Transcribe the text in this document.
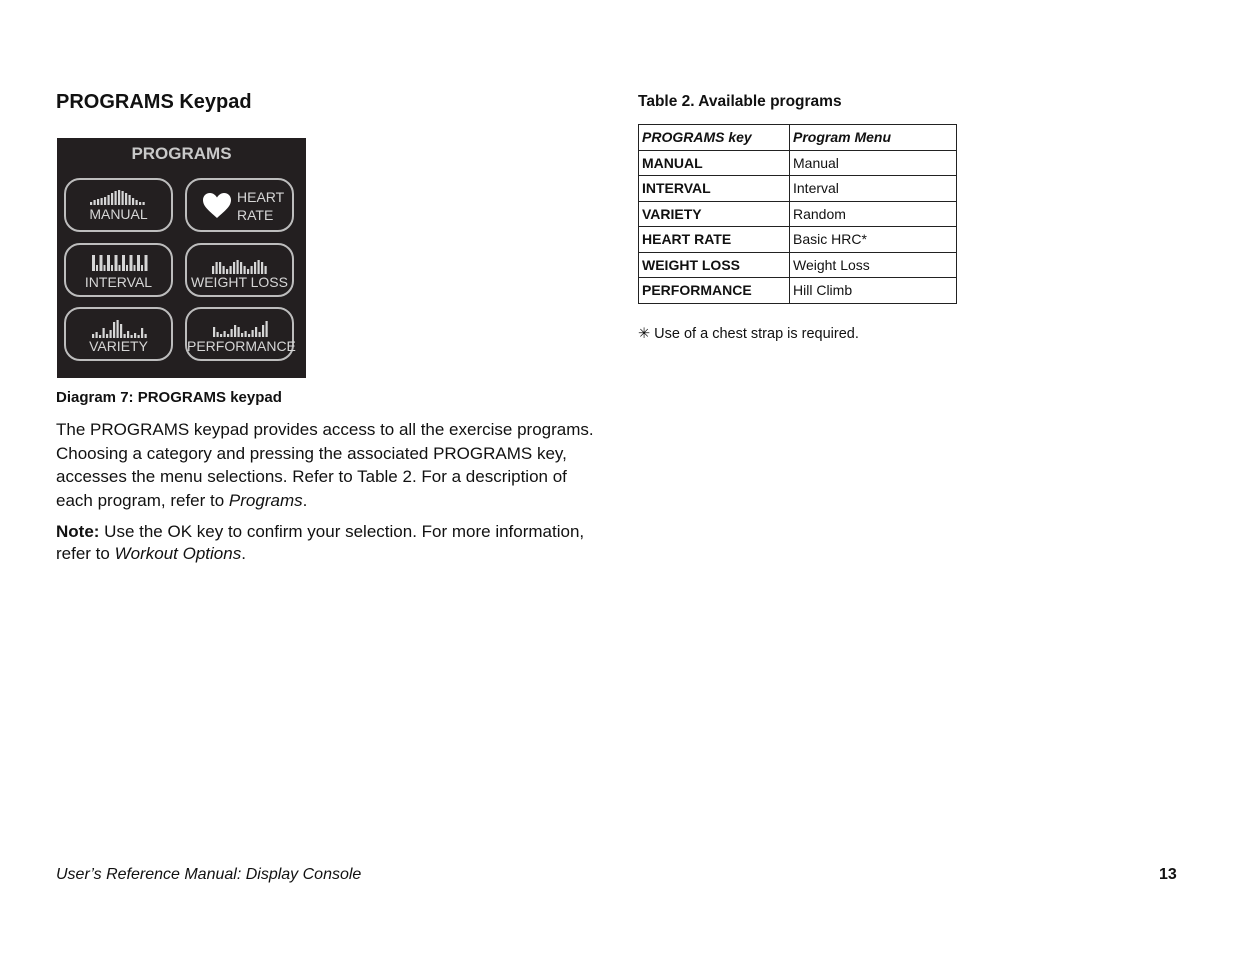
PROGRAMS Keypad
PROGRAMS
MANUAL
HEART
RATE
INTERVAL	WEIGHT LOSS
VARIETY	PERFORMANCE
Diagram 7: PROGRAMS keypad

The PROGRAMS keypad provides access to all the exercise programs. Choosing a category and pressing the associated PROGRAMS key, accesses the menu selections. Refer to Table 2. For a description of each program, refer to Programs.

Note: Use the OK key to confirm your selection. For more information, refer to Workout Options.

Table 2. Available programs
PROGRAMS key	Program Menu
MANUAL	Manual
INTERVAL	Interval
VARIETY	Random
HEART RATE	Basic HRC*
WEIGHT LOSS	Weight Loss
PERFORMANCE	Hill Climb
✳ Use of a chest strap is required.
User’s Reference Manual: Display Console	13
